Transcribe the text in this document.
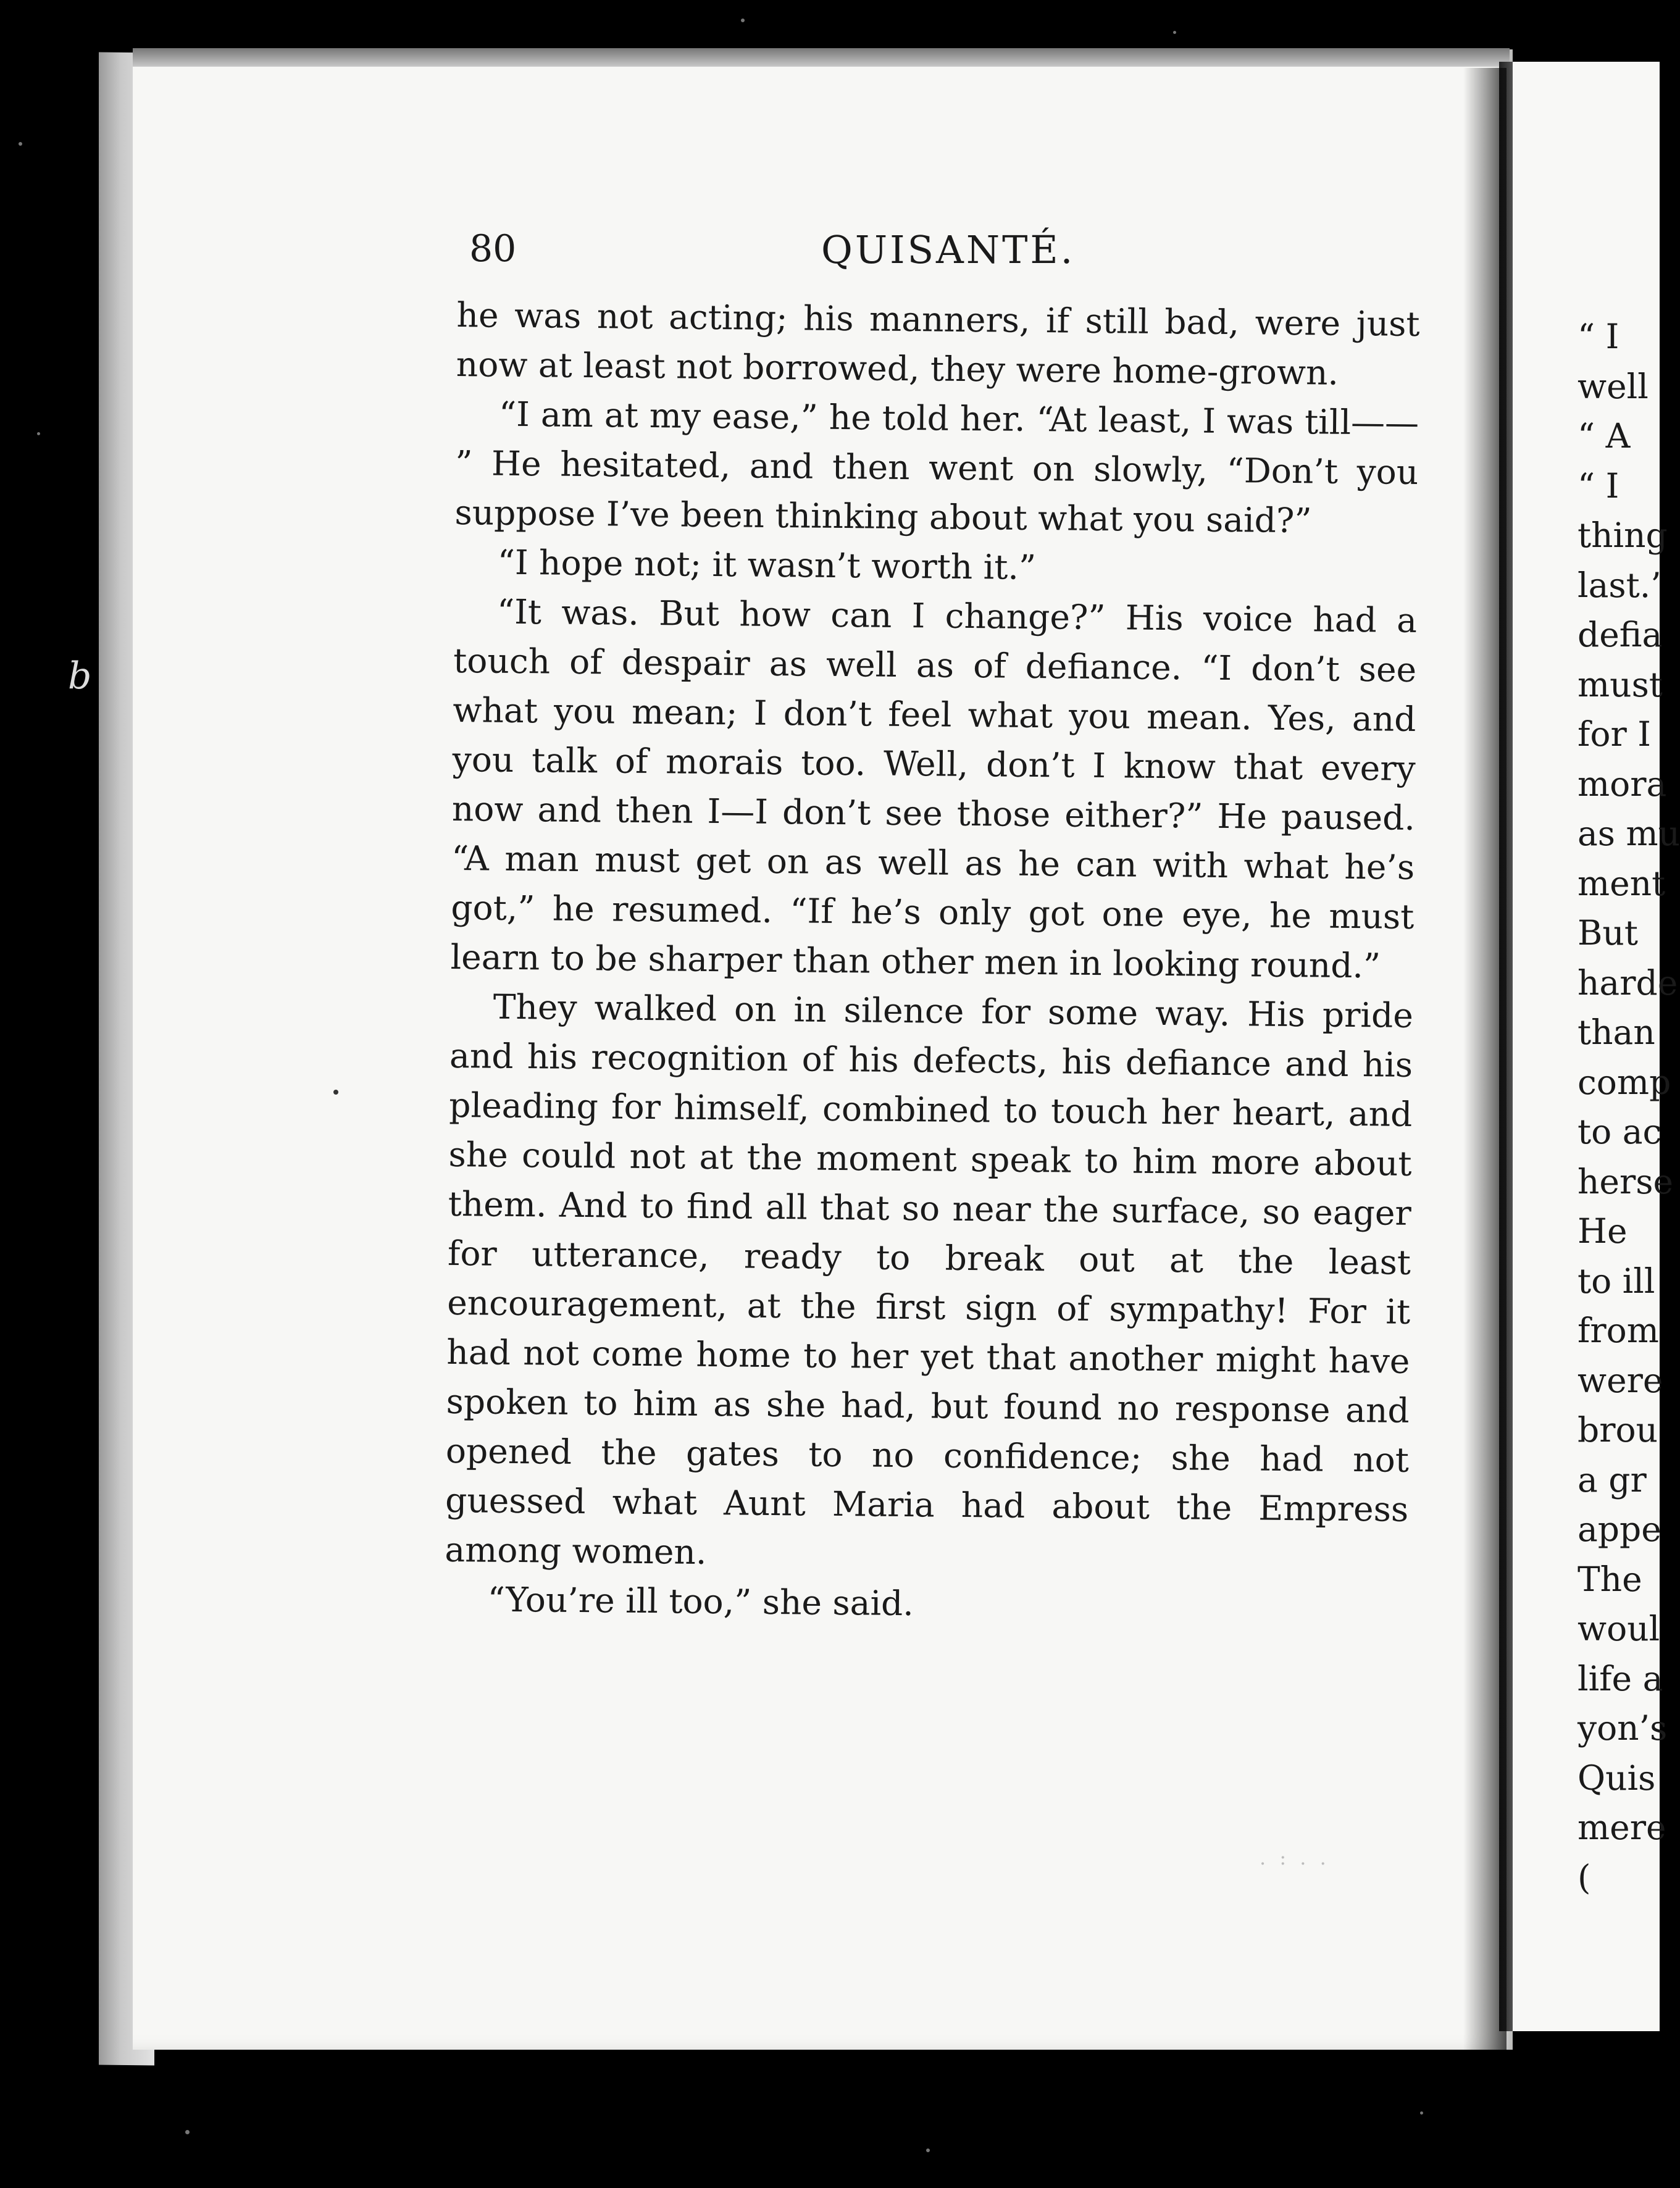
b
80	QUISANTÉ.

he was not acting; his manners, if still bad, were just now at least not borrowed, they were home-grown.

“I am at my ease,” he told her. “At least, I was till—— ” He hesitated, and then went on slowly, “Don’t you suppose I’ve been thinking about what you said?”

“I hope not; it wasn’t worth it.”

“It was. But how can I change?” His voice had a touch of despair as well as of defiance. “I don’t see what you mean; I don’t feel what you mean. Yes, and you talk of morais too. Well, don’t I know that every now and then I—I don’t see those either?” He paused. “A man must get on as well as he can with what he’s got,” he resumed. “If he’s only got one eye, he must learn to be sharper than other men in looking round.”

They walked on in silence for some way. His pride and his recognition of his defects, his defiance and his pleading for himself, combined to touch her heart, and she could not at the moment speak to him more about them. And to find all that so near the surface, so eager for utterance, ready to break out at the least encouragement, at the first sign of sympathy! For it had not come home to her yet that another might have spoken to him as she had, but found no response and opened the gates to no confidence; she had not guessed what Aunt Maria had about the Empress among women.

“You’re ill too,” she said.

. : . .
“ I
well
“ A
“ I
thing
last.’
defia
must
for I
mora
as mu
ment
But
harde
than
comp
to ac
herse
He
to ill
from
were
brou
a gr
appe
The
woul
life a
yon’s
Quis
mere
(
